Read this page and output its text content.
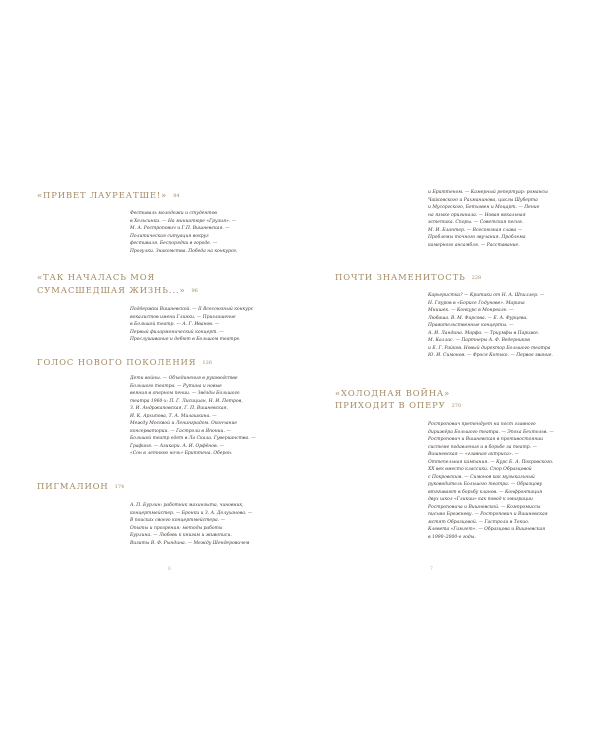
«ПРИВЕТ ЛАУРЕАТШЕ!» 84
Фестиваль молодежи и студентов
в Хельсинки. — На миниатюре «Грузия». —
М. А. Ростропович и Г.П. Вишневская. —
Политическая ситуация вокруг
фестиваля. Беспорядки в городе. —
Прогулки. Знакомства. Победа на конкурсе.
«ТАК НАЧАЛАСЬ МОЯ
СУМАСШЕДШАЯ ЖИЗНЬ...» 96
Поддержка Вишневской. — II Всесоюзный конкурс
вокалистов имени Глинки. — Приглашение
в Большой театр. — А. Г. Иванов. —
Первый филармонический концерт. —
Прослушивание и дебют в Большом театре.
ГОЛОС НОВОГО ПОКОЛЕНИЯ 126
Дети войны. — Объединения в руководстве
Большого театра. — Рутина и новые
веяния в оперном пении. — Звёзды Большого
театра 1960-х: П. Г. Лисициан, Н. И. Петров,
З. И. Андржаповская, Г. П. Вишневская,
И. К. Архипова, Т. А. Милашкина. —
Между Москвой и Ленинградом. Окончание
консерватории. — Гастроли в Японии. —
Большой театр едет в Ла Скала. Гуверианства. —
Графиня. — Азикари. А. И. Орфёнов. —
«Сон в летнюю ночь» Бриттена. Оберон.
ПИГМАЛИОН 174
А. П. Бурлин: работник махинзыта, чиновник,
концертмейстер. — Бронки и З. А. Долуханова. —
В поисках своего концертмейстера. —
Опыты и прозрения: методы работы
Бурлина. — Любовь к книгам и живописи.
Визиты В. Ф. Рындина. — Между Шендеровичем
6
и Бриттеном. — Камерный репертуар: романсы
Чайковского и Рахманинова, циклы Шуберта
и Мусоргского, Бетховен и Моцарт. — Пение
на языке оригинала. — Новая вокальная
эстетика. Споры. — Советская песня.
М. И. Блантер. — Всесоюзная слава —
Проблемы точного звучания. Проблема
камерного ансамбля. — Расставание.
ПОЧТИ ЗНАМЕНИТОСТЬ 228
Карьеристка? — Критики от Н. А. Шпиллер. —
Н. Гяуров в «Борисе Годунове». Марина
Мнишек. — Конкурс в Монреале. —
Любаша. В. М. Фирсова. — Е. А. Фурцева.
Правительственные концерты. —
А. И. Ландина. Марфа. — Триумфы в Париже.
М. Каллас. — Партнеры А. Ф. Ведерников
и Е. Г. Райков. Новый директор Большого театра
Ю. И. Симонов. — Фрося Котько. — Первое звание.
«ХОЛОДНАЯ ВОЙНА»
ПРИХОДИТ В ОПЕРУ 270
Ростропович претендует на пост главного
дирижёра Большого театра. — Эпоха Бехтольв. —
Ростропович и Вишневская в противостоянии
системе подавления и в борьбе за театр. —
Вишневская — «главная актриса». —
Оттепельная кампания. — Курс Б. А. Покровского.
XX век вместо классики. Спор Образцовой
с Покровским. — Симонов как музыкальный
руководитель Большого театра. — Образцову
втягивают в борьбу кланов. — Конфронтация
двух школ «Гликии» как повод к эмиграции
Ростроповича и Вишневской. — Компромиссы
письмо Брежневу. — Ростропович и Вишневская
мстят Образцовой. — Гастроли в Токио.
Клевета «Гамлет». — Образцова и Вишневская
в 1990–2000-е годы.
7
